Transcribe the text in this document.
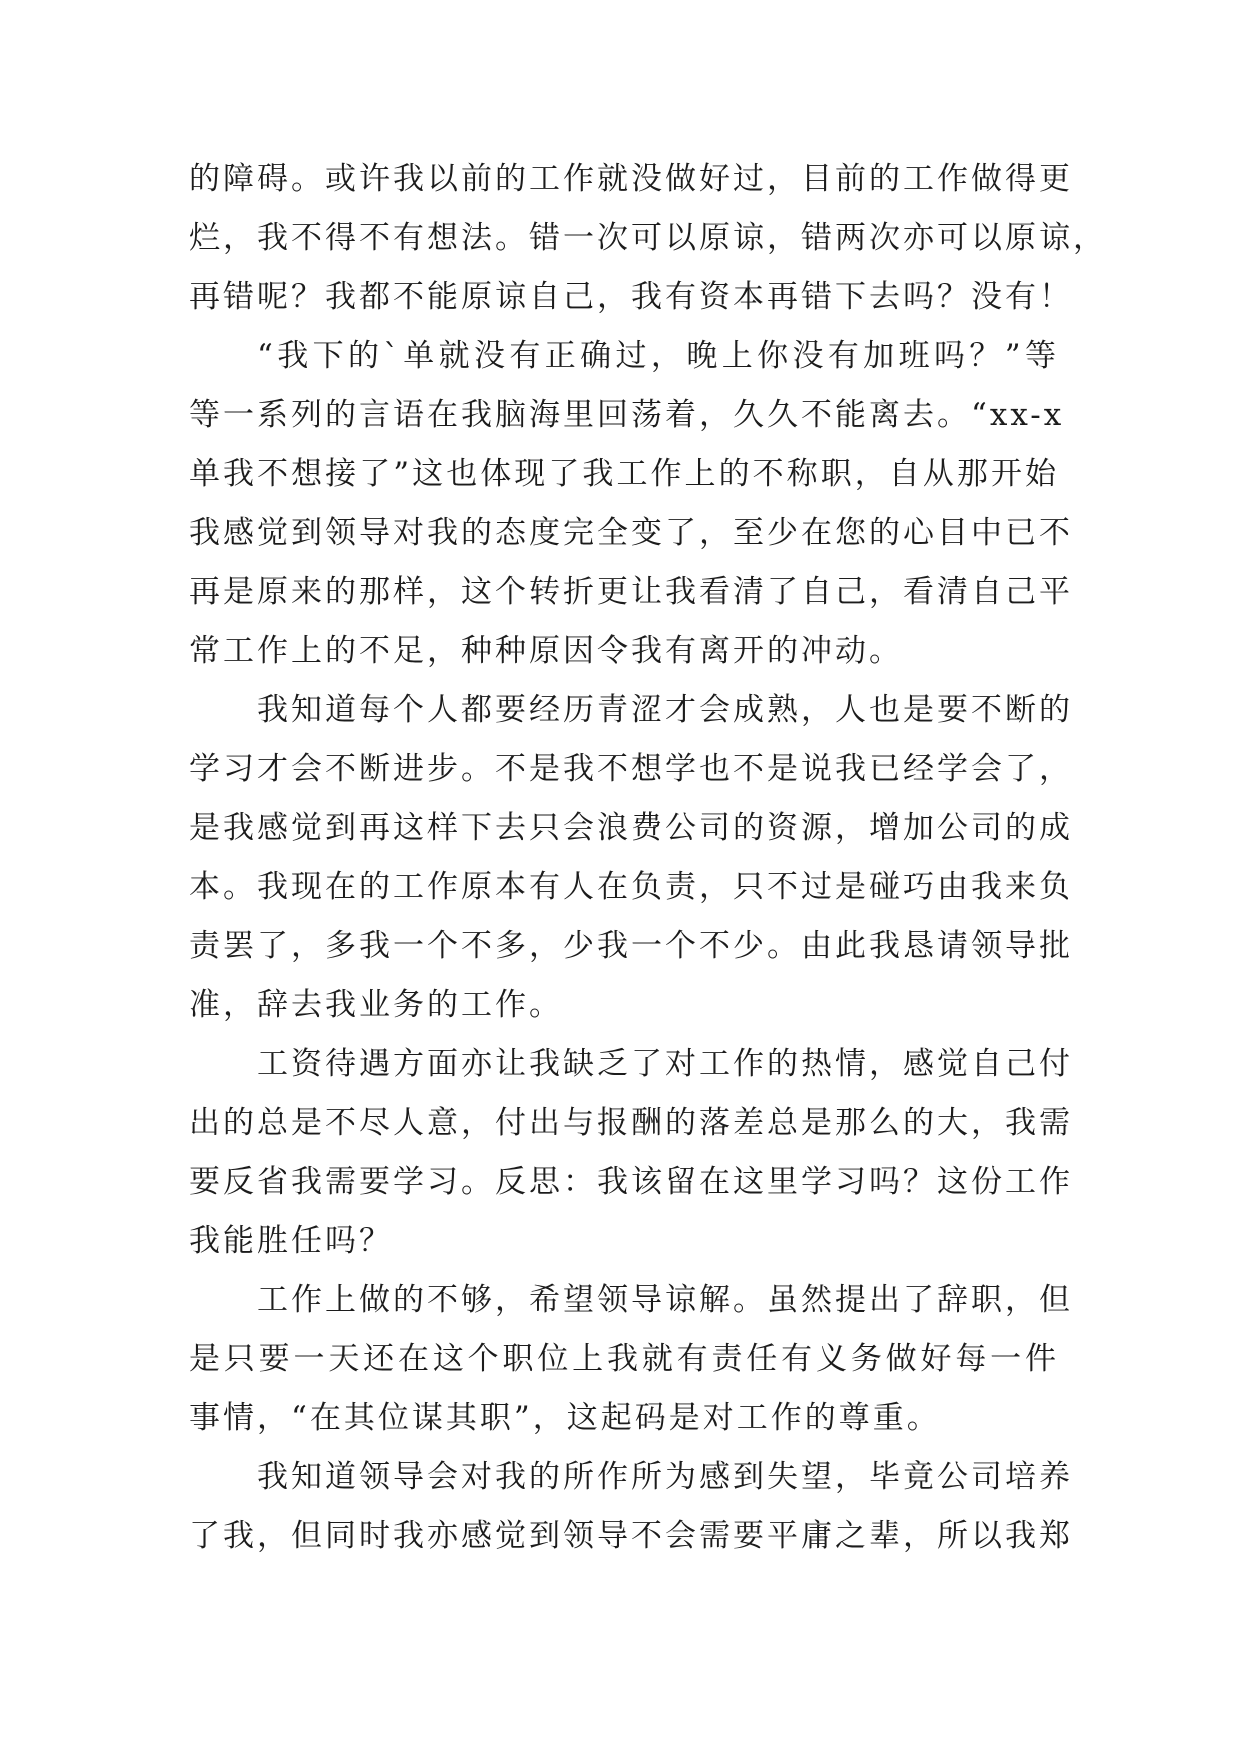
的障碍。或许我以前的工作就没做好过，目前的工作做得更
烂，我不得不有想法。错一次可以原谅，错两次亦可以原谅，
再错呢？我都不能原谅自己，我有资本再错下去吗？没有！
“我下的`单就没有正确过，晚上你没有加班吗？”等
等一系列的言语在我脑海里回荡着，久久不能离去。“xx-x
单我不想接了”这也体现了我工作上的不称职，自从那开始
我感觉到领导对我的态度完全变了，至少在您的心目中已不
再是原来的那样，这个转折更让我看清了自己，看清自己平
常工作上的不足，种种原因令我有离开的冲动。
我知道每个人都要经历青涩才会成熟，人也是要不断的
学习才会不断进步。不是我不想学也不是说我已经学会了，
是我感觉到再这样下去只会浪费公司的资源，增加公司的成
本。我现在的工作原本有人在负责，只不过是碰巧由我来负
责罢了，多我一个不多，少我一个不少。由此我恳请领导批
准，辞去我业务的工作。
工资待遇方面亦让我缺乏了对工作的热情，感觉自己付
出的总是不尽人意，付出与报酬的落差总是那么的大，我需
要反省我需要学习。反思：我该留在这里学习吗？这份工作
我能胜任吗？
工作上做的不够，希望领导谅解。虽然提出了辞职，但
是只要一天还在这个职位上我就有责任有义务做好每一件
事情，“在其位谋其职”，这起码是对工作的尊重。
我知道领导会对我的所作所为感到失望，毕竟公司培养
了我，但同时我亦感觉到领导不会需要平庸之辈，所以我郑
